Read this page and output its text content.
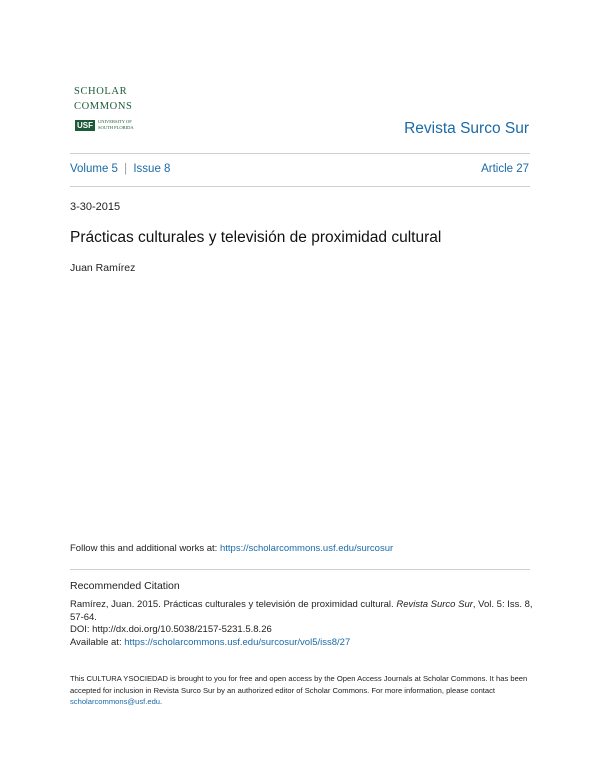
SCHOLAR
COMMONS
USF	UNIVERSITY OF
SOUTH FLORIDA	Revista Surco Sur
Volume 5 | Issue 8	Article 27
3-30-2015
Prácticas culturales y televisión de proximidad cultural
Juan Ramírez
Follow this and additional works at: https://scholarcommons.usf.edu/surcosur
Recommended Citation
Ramírez, Juan. 2015. Prácticas culturales y televisión de proximidad cultural. Revista Surco Sur, Vol. 5: Iss. 8, 57-64.
DOI: http://dx.doi.org/10.5038/2157-5231.5.8.26
Available at: https://scholarcommons.usf.edu/surcosur/vol5/iss8/27
This CULTURA YSOCIEDAD is brought to you for free and open access by the Open Access Journals at Scholar Commons. It has been accepted for inclusion in Revista Surco Sur by an authorized editor of Scholar Commons. For more information, please contact scholarcommons@usf.edu.
